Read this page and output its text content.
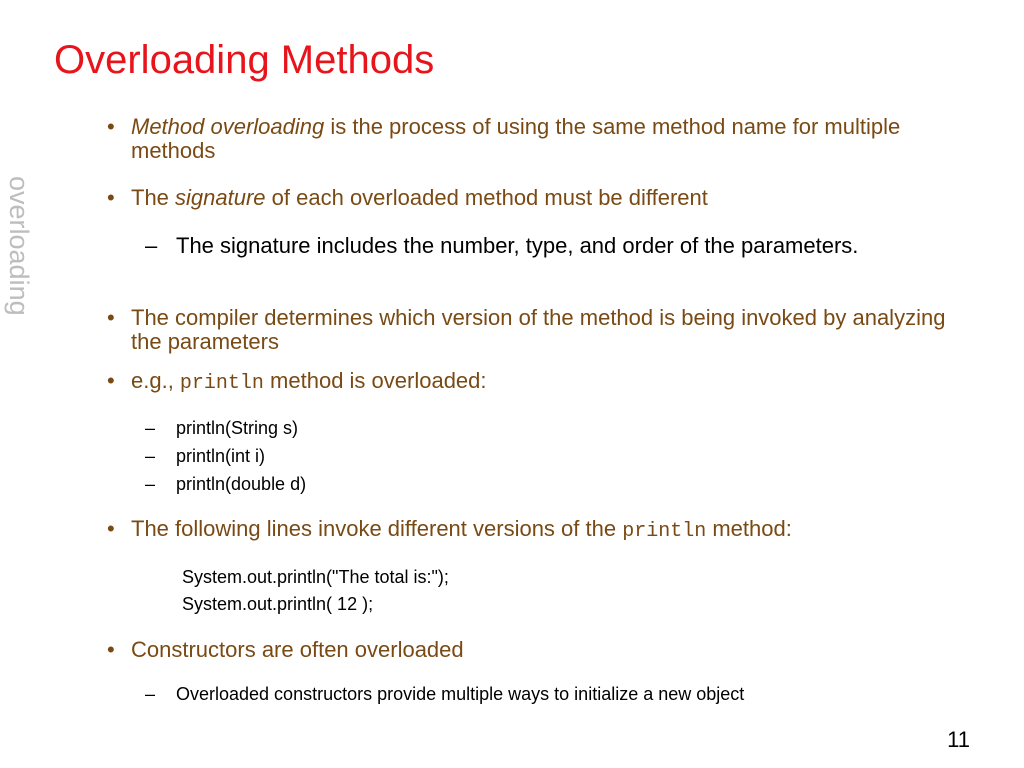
Overloading Methods
overloading
• Method overloading is the process of using the same method name for multiple methods
• The signature of each overloaded method must be different
– The signature includes the number, type, and order of the parameters.
• The compiler determines which version of the method is being invoked by analyzing the parameters
• e.g., println method is overloaded:
– println(String s)
– println(int i)
– println(double d)
• The following lines invoke different versions of the println method:
System.out.println("The total is:");
System.out.println( 12 );
• Constructors are often overloaded
– Overloaded constructors provide multiple ways to initialize a new object
11
